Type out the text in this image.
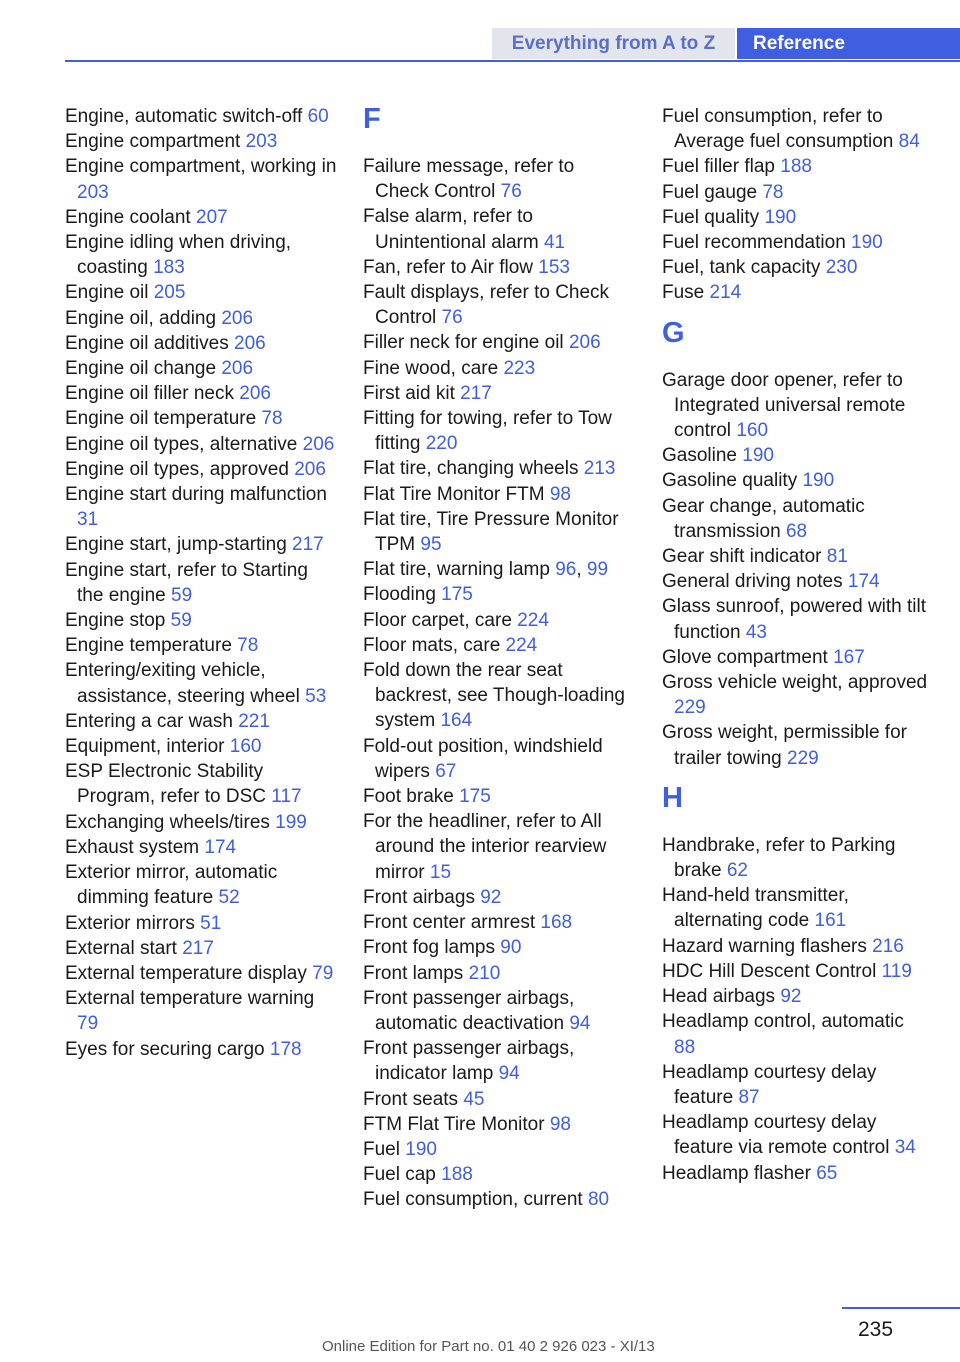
Everything from A to Z	Reference
Engine, automatic switch-off 60
Engine compartment 203
Engine compartment, working in 203
Engine coolant 207
Engine idling when driving, coasting 183
Engine oil 205
Engine oil, adding 206
Engine oil additives 206
Engine oil change 206
Engine oil filler neck 206
Engine oil temperature 78
Engine oil types, alternative 206
Engine oil types, approved 206
Engine start during malfunction 31
Engine start, jump-starting 217
Engine start, refer to Starting the engine 59
Engine stop 59
Engine temperature 78
Entering/exiting vehicle, assistance, steering wheel 53
Entering a car wash 221
Equipment, interior 160
ESP Electronic Stability Program, refer to DSC 117
Exchanging wheels/tires 199
Exhaust system 174
Exterior mirror, automatic dimming feature 52
Exterior mirrors 51
External start 217
External temperature display 79
External temperature warning 79
Eyes for securing cargo 178
F
Failure message, refer to Check Control 76
False alarm, refer to Unintentional alarm 41
Fan, refer to Air flow 153
Fault displays, refer to Check Control 76
Filler neck for engine oil 206
Fine wood, care 223
First aid kit 217
Fitting for towing, refer to Tow fitting 220
Flat tire, changing wheels 213
Flat Tire Monitor FTM 98
Flat tire, Tire Pressure Monitor TPM 95
Flat tire, warning lamp 96, 99
Flooding 175
Floor carpet, care 224
Floor mats, care 224
Fold down the rear seat backrest, see Though-loading system 164
Fold-out position, windshield wipers 67
Foot brake 175
For the headliner, refer to All around the interior rearview mirror 15
Front airbags 92
Front center armrest 168
Front fog lamps 90
Front lamps 210
Front passenger airbags, automatic deactivation 94
Front passenger airbags, indicator lamp 94
Front seats 45
FTM Flat Tire Monitor 98
Fuel 190
Fuel cap 188
Fuel consumption, current 80
Fuel consumption, refer to Average fuel consumption 84
Fuel filler flap 188
Fuel gauge 78
Fuel quality 190
Fuel recommendation 190
Fuel, tank capacity 230
Fuse 214
G
Garage door opener, refer to Integrated universal remote control 160
Gasoline 190
Gasoline quality 190
Gear change, automatic transmission 68
Gear shift indicator 81
General driving notes 174
Glass sunroof, powered with tilt function 43
Glove compartment 167
Gross vehicle weight, approved 229
Gross weight, permissible for trailer towing 229
H
Handbrake, refer to Parking brake 62
Hand-held transmitter, alternating code 161
Hazard warning flashers 216
HDC Hill Descent Control 119
Head airbags 92
Headlamp control, automatic 88
Headlamp courtesy delay feature 87
Headlamp courtesy delay feature via remote control 34
Headlamp flasher 65
235
Online Edition for Part no. 01 40 2 926 023 - XI/13
